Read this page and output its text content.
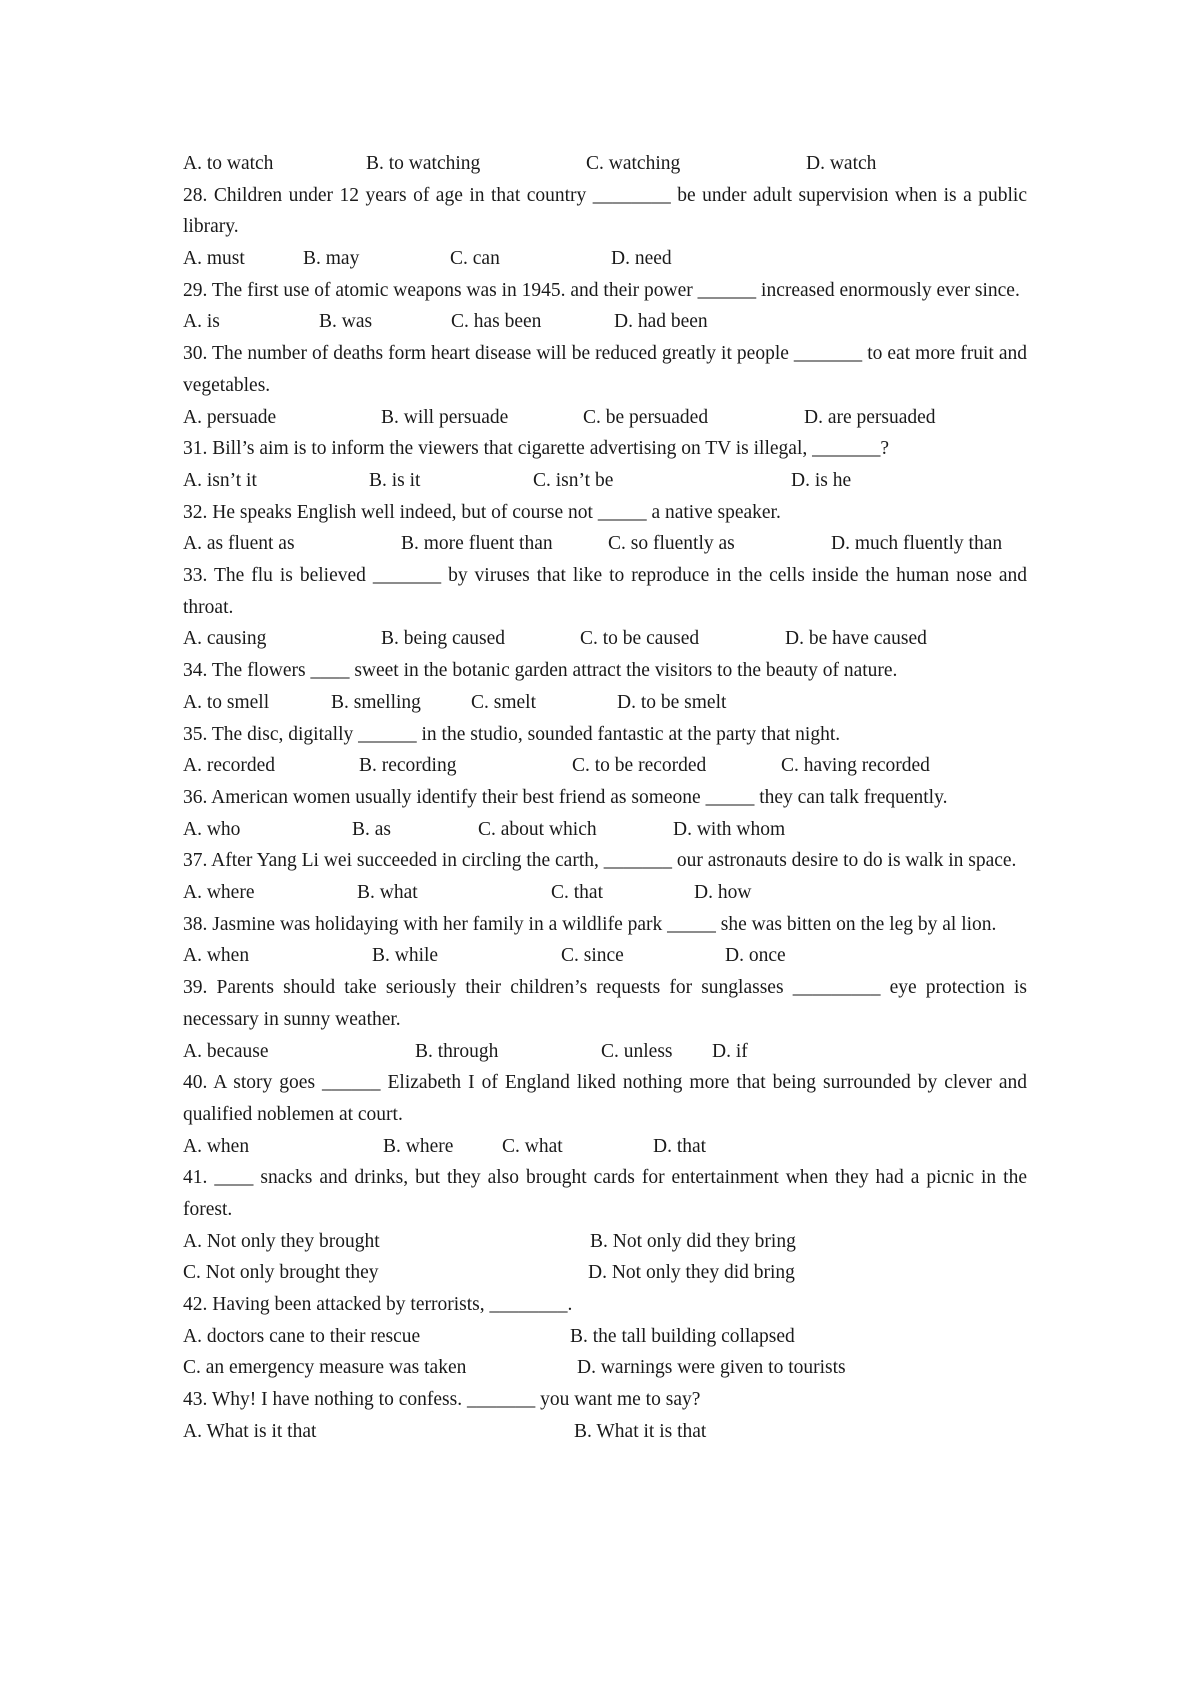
A. to watch	B. to watching	C. watching	D. watch
28. Children under 12 years of age in that country ________ be under adult supervision when is a public library.
A. must	B. may	C. can	D. need
29. The first use of atomic weapons was in 1945. and their power ______ increased enormously ever since.
A. is	B. was	C. has been	D. had been
30. The number of deaths form heart disease will be reduced greatly it people _______ to eat more fruit and vegetables.
A. persuade	B. will persuade	C. be persuaded	D. are persuaded
31. Bill’s aim is to inform the viewers that cigarette advertising on TV is illegal, _______?
A. isn’t it	B. is it	C. isn’t be	D. is he
32. He speaks English well indeed, but of course not _____ a native speaker.
A. as fluent as	B. more fluent than	C. so fluently as	D. much fluently than
33. The flu is believed _______ by viruses that like to reproduce in the cells inside the human nose and throat.
A. causing	B. being caused	C. to be caused	D. be have caused
34. The flowers ____ sweet in the botanic garden attract the visitors to the beauty of nature.
A. to smell	B. smelling	C. smelt	D. to be smelt
35. The disc, digitally ______ in the studio, sounded fantastic at the party that night.
A. recorded	B. recording	C. to be recorded	C. having recorded
36. American women usually identify their best friend as someone _____ they can talk frequently.
A. who	B. as	C. about which	D. with whom
37. After Yang Li wei succeeded in circling the carth, _______ our astronauts desire to do is walk in space.
A. where	B. what	C. that	D. how
38. Jasmine was holidaying with her family in a wildlife park _____ she was bitten on the leg by al lion.
A. when	B. while	C. since	D. once
39. Parents should take seriously their children’s requests for sunglasses _________ eye protection is necessary in sunny weather.
A. because	B. through	C. unless D. if
40. A story goes ______ Elizabeth I of England liked nothing more that being surrounded by clever and qualified noblemen at court.
A. when	B. where C. what	D. that
41. ____ snacks and drinks, but they also brought cards for entertainment when they had a picnic in the forest.
A. Not only they brought	B. Not only did they bring
C. Not only brought they	D. Not only they did bring
42. Having been attacked by terrorists, ________.
A. doctors cane to their rescue	B. the tall building collapsed
C. an emergency measure was taken	D. warnings were given to tourists
43. Why! I have nothing to confess. _______ you want me to say?
A. What is it that	B. What it is that
